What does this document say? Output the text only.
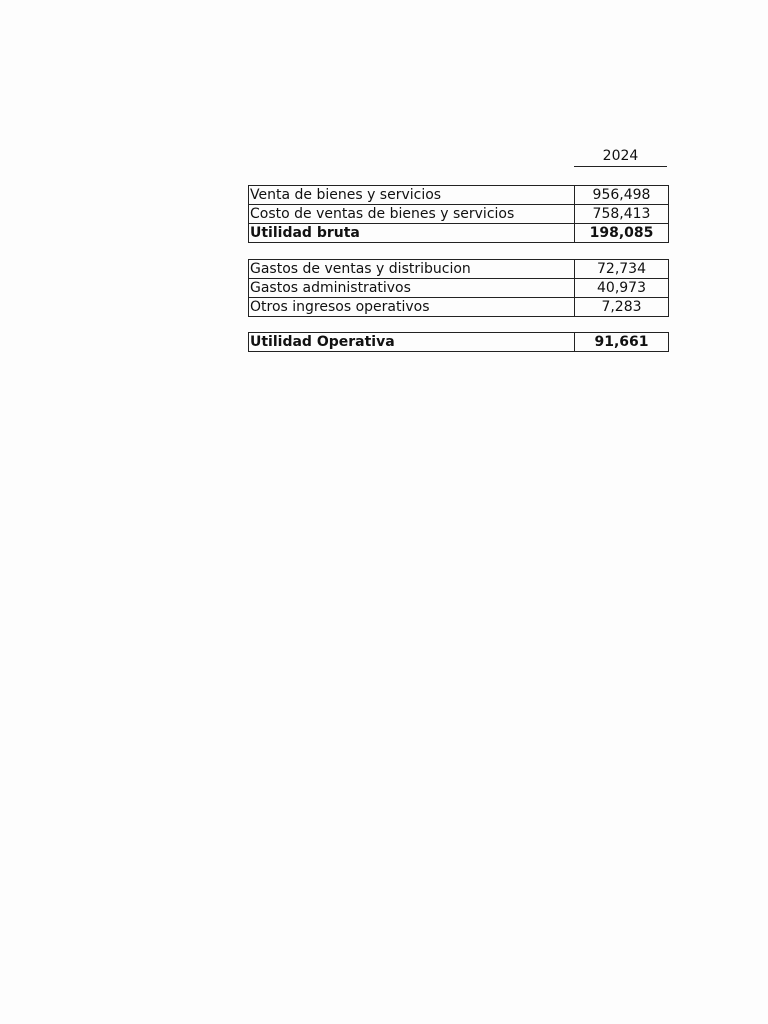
2024
Venta de bienes y servicios	956,498
Costo de ventas de bienes y servicios	758,413
Utilidad bruta	198,085
Gastos de ventas y distribucion	72,734
Gastos administrativos	40,973
Otros ingresos operativos	7,283
Utilidad Operativa	91,661
